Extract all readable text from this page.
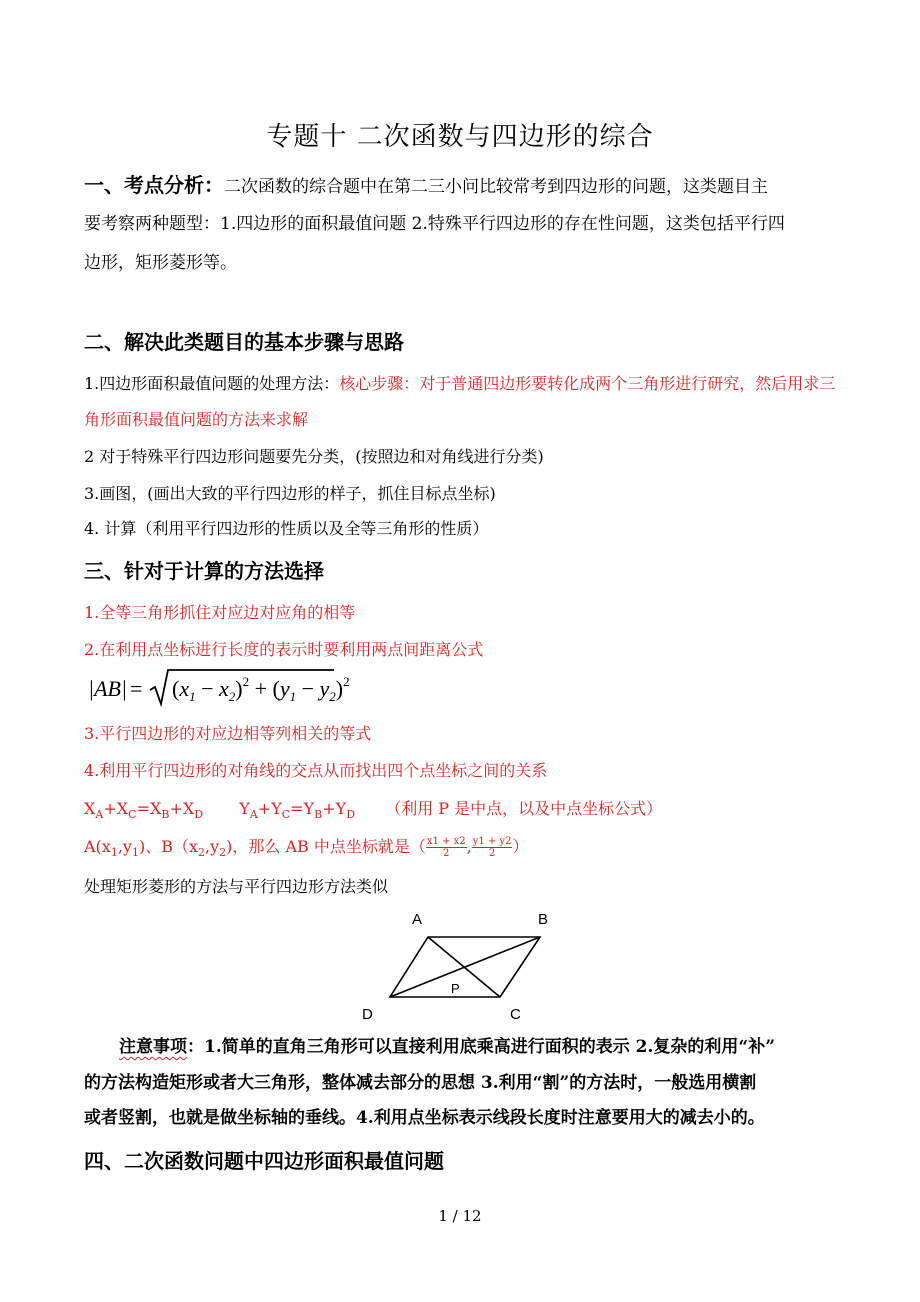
专题十 二次函数与四边形的综合
一、考点分析：二次函数的综合题中在第二三小问比较常考到四边形的问题，这类题目主
要考察两种题型：1.四边形的面积最值问题 2.特殊平行四边形的存在性问题，这类包括平行四
边形，矩形菱形等。
二、解决此类题目的基本步骤与思路
1.四边形面积最值问题的处理方法：核心步骤：对于普通四边形要转化成两个三角形进行研究，然后用求三
角形面积最值问题的方法来求解
2 对于特殊平行四边形问题要先分类，(按照边和对角线进行分类)
3.画图，(画出大致的平行四边形的样子，抓住目标点坐标)
4. 计算（利用平行四边形的性质以及全等三角形的性质）
三、针对于计算的方法选择
1.全等三角形抓住对应边对应角的相等
2.在利用点坐标进行长度的表示时要利用两点间距离公式
$|AB| = (x_1 - x_2)^2 + (y_1 - y_2)^2$
3.平行四边形的对应边相等列相关的等式
4.利用平行四边形的对角线的交点从而找出四个点坐标之间的关系
$X_A+X_C=X_B+X_D$ $Y_A+Y_C=Y_B+Y_D$ （利用 P 是中点，以及中点坐标公式）
$A(x_1,y_1)$、$B(x_2,y_2)$，那么 AB 中点坐标就是（ $\frac{x1 + x2}{2}$ , $\frac{y1 + y2}{2}$ ）
处理矩形菱形的方法与平行四边形方法类似
A	B
C
D
P
注意事项：1.简单的直角三角形可以直接利用底乘高进行面积的表示 2.复杂的利用“补”
的方法构造矩形或者大三角形，整体减去部分的思想 3.利用“割”的方法时，一般选用横割
或者竖割，也就是做坐标轴的垂线。4.利用点坐标表示线段长度时注意要用大的减去小的。
四、二次函数问题中四边形面积最值问题
1 / 12
